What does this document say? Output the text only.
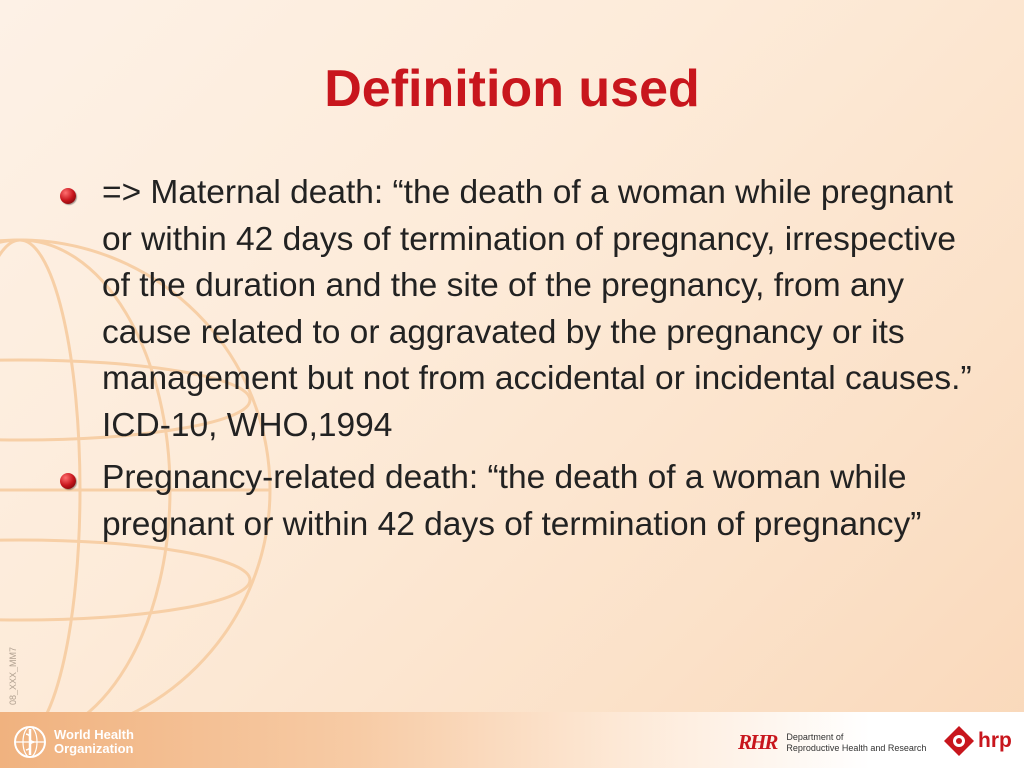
Definition used
=> Maternal death: “the death of a woman while pregnant or within 42 days of termination of pregnancy, irrespective of the duration and the site of the pregnancy, from any cause related to or aggravated by the pregnancy or its management but not from accidental or incidental causes.” ICD-10, WHO,1994
Pregnancy-related death: “the death of a woman while pregnant or within 42 days of termination of pregnancy”
08_XXX_MM7
World Health
Organization	RHR Department of
Reproductive Health and Research hrp
